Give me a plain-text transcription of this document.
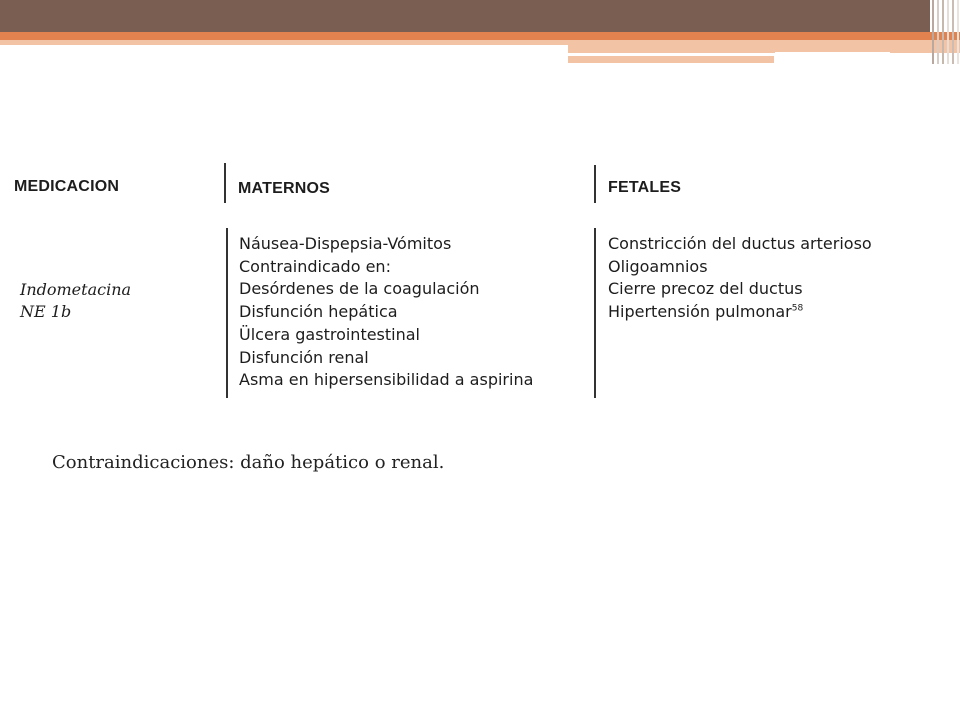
MEDICACION	MATERNOS	FETALES
Indometacina
NE 1b
Náusea-Dispepsia-Vómitos
Contraindicado en:
Desórdenes de la coagulación
Disfunción hepática
Ülcera gastrointestinal
Disfunción renal
Asma en hipersensibilidad a aspirina
Constricción del ductus arterioso
Oligoamnios
Cierre precoz del ductus
Hipertensión pulmonar$^{58}$
Contraindicaciones: daño hepático o renal.
